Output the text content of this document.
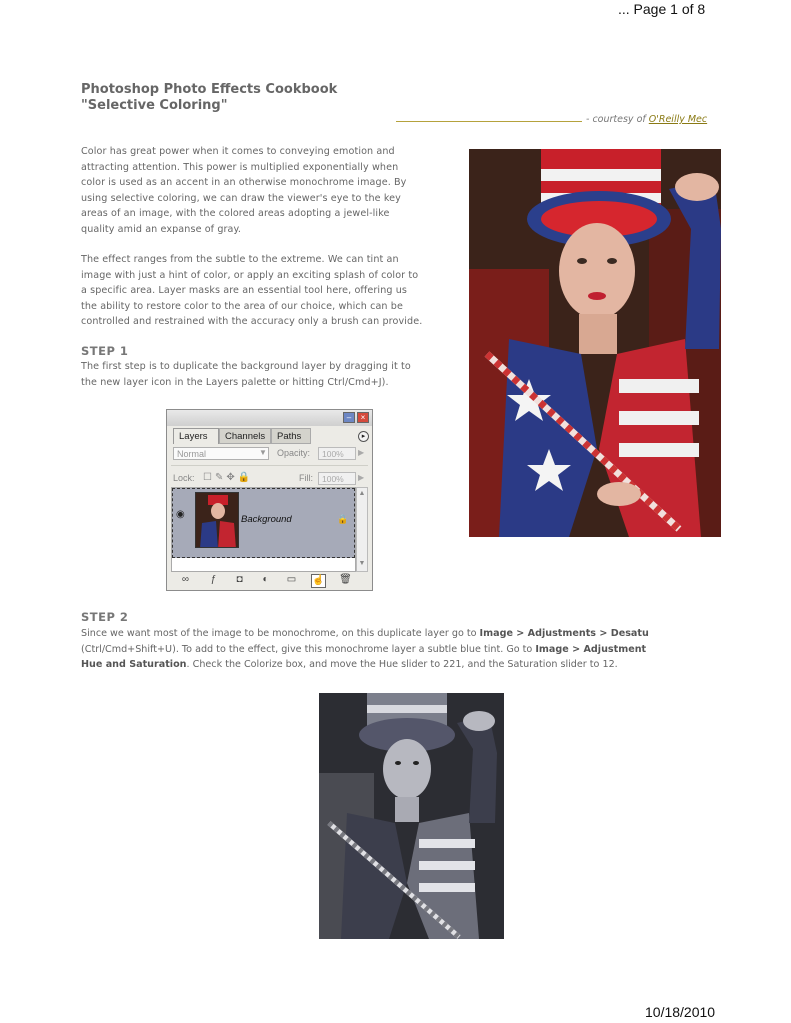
... Page 1 of 8
Photoshop Photo Effects Cookbook
"Selective Coloring"
- courtesy of O'Reilly Mec
Color has great power when it comes to conveying emotion and
attracting attention. This power is multiplied exponentially when
color is used as an accent in an otherwise monochrome image. By
using selective coloring, we can draw the viewer's eye to the key
areas of an image, with the colored areas adopting a jewel-like
quality amid an expanse of gray.
The effect ranges from the subtle to the extreme. We can tint an
image with just a hint of color, or apply an exciting splash of color to
a specific area. Layer masks are an essential tool here, offering us
the ability to restore color to the area of our choice, which can be
controlled and restrained with the accuracy only a brush can provide.
STEP 1
The first step is to duplicate the background layer by dragging it to
the new layer icon in the Layers palette or hitting Ctrl/Cmd+J).
–	×
Layers	Channels	Paths	▸
Normal	▼ Opacity:	100%	▶
Lock: ☐✎✥🔒	Fill:	100%	▶
◉	Background	🔒
▲
▼
∞	ƒ	◘	◐	▭ ☝ 🗑
STEP 2
Since we want most of the image to be monochrome, on this duplicate layer go to Image > Adjustments > Desatu
(Ctrl/Cmd+Shift+U). To add to the effect, give this monochrome layer a subtle blue tint. Go to Image > Adjustment
Hue and Saturation. Check the Colorize box, and move the Hue slider to 221, and the Saturation slider to 12.
10/18/2010
